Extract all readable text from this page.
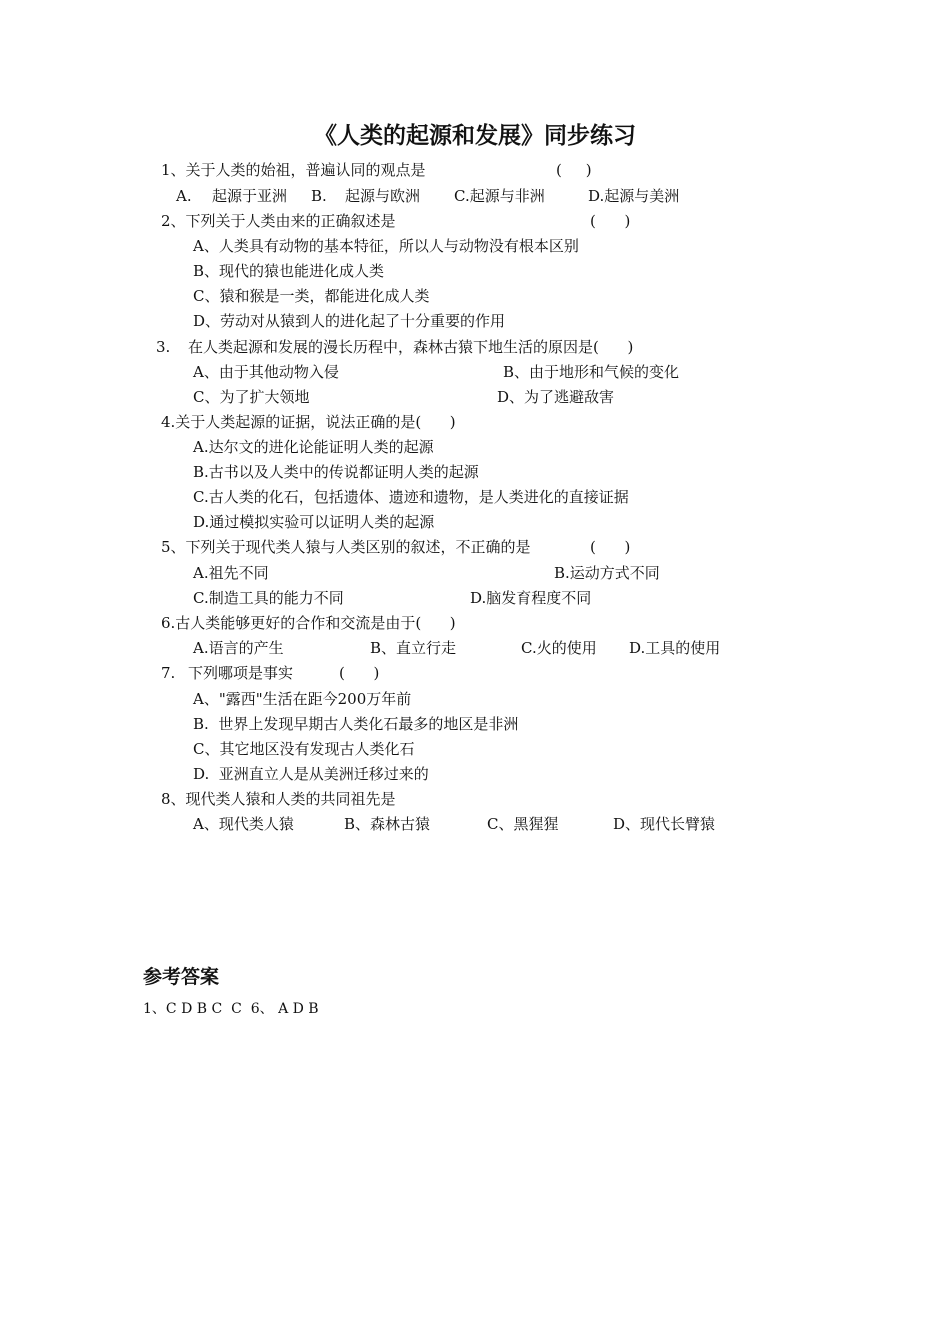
《人类的起源和发展》同步练习
1、关于人类的始祖，普遍认同的观点是	(     )
A. 起源于亚洲 B. 起源与欧洲 C.起源与非洲	D.起源与美洲
2、下列关于人类由来的正确叙述是	(      )
A、人类具有动物的基本特征，所以人与动物没有根本区别
B、现代的猿也能进化成人类
C、猿和猴是一类，都能进化成人类
D、劳动对从猿到人的进化起了十分重要的作用
3. 在人类起源和发展的漫长历程中，森林古猿下地生活的原因是(      )
A、由于其他动物入侵	B、由于地形和气候的变化
C、为了扩大领地	D、为了逃避敌害
4.关于人类起源的证据，说法正确的是(      )
A.达尔文的进化论能证明人类的起源
B.古书以及人类中的传说都证明人类的起源
C.古人类的化石，包括遗体、遗迹和遗物，是人类进化的直接证据
D.通过模拟实验可以证明人类的起源
5、下列关于现代类人猿与人类区别的叙述，不正确的是	(      )
A.祖先不同	B.运动方式不同
C.制造工具的能力不同	D.脑发育程度不同
6.古人类能够更好的合作和交流是由于(      )
A.语言的产生	B、直立行走	C.火的使用 D.工具的使用
7. 下列哪项是事实	(      )
A、"露西"生活在距今200万年前
B.  世界上发现早期古人类化石最多的地区是非洲
C、其它地区没有发现古人类化石
D.  亚洲直立人是从美洲迁移过来的
8、现代类人猿和人类的共同祖先是
A、现代类人猿	B、森林古猿	C、黑猩猩	D、现代长臂猿
参考答案
1、C D B C  C  6、 A D B
